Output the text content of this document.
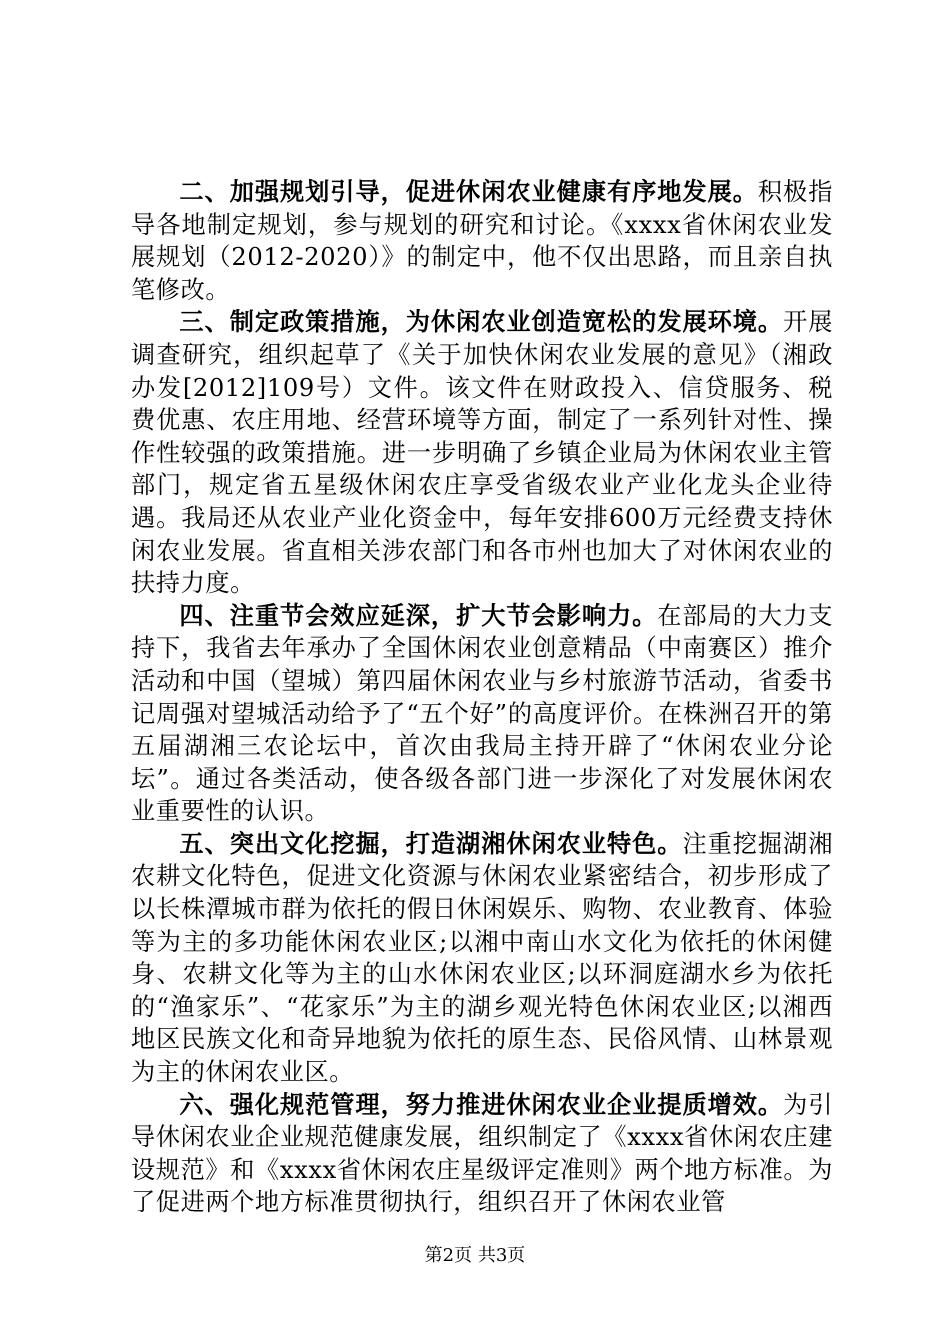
二、加强规划引导，促进休闲农业健康有序地发展。积极指导各地制定规划，参与规划的研究和讨论。《xxxx省休闲农业发展规划（2012-2020）》的制定中，他不仅出思路，而且亲自执笔修改。

三、制定政策措施，为休闲农业创造宽松的发展环境。开展调查研究，组织起草了《关于加快休闲农业发展的意见》（湘政办发[2012]109号）文件。该文件在财政投入、信贷服务、税费优惠、农庄用地、经营环境等方面，制定了一系列针对性、操作性较强的政策措施。进一步明确了乡镇企业局为休闲农业主管部门，规定省五星级休闲农庄享受省级农业产业化龙头企业待遇。我局还从农业产业化资金中，每年安排600万元经费支持休闲农业发展。省直相关涉农部门和各市州也加大了对休闲农业的扶持力度。

四、注重节会效应延深，扩大节会影响力。在部局的大力支持下，我省去年承办了全国休闲农业创意精品（中南赛区）推介活动和中国（望城）第四届休闲农业与乡村旅游节活动，省委书记周强对望城活动给予了“五个好”的高度评价。在株洲召开的第五届湖湘三农论坛中，首次由我局主持开辟了“休闲农业分论坛”。通过各类活动，使各级各部门进一步深化了对发展休闲农业重要性的认识。

五、突出文化挖掘，打造湖湘休闲农业特色。注重挖掘湖湘农耕文化特色，促进文化资源与休闲农业紧密结合，初步形成了以长株潭城市群为依托的假日休闲娱乐、购物、农业教育、体验等为主的多功能休闲农业区;以湘中南山水文化为依托的休闲健身、农耕文化等为主的山水休闲农业区;以环洞庭湖水乡为依托的“渔家乐”、“花家乐”为主的湖乡观光特色休闲农业区;以湘西地区民族文化和奇异地貌为依托的原生态、民俗风情、山林景观为主的休闲农业区。

六、强化规范管理，努力推进休闲农业企业提质增效。为引导休闲农业企业规范健康发展，组织制定了《xxxx省休闲农庄建设规范》和《xxxx省休闲农庄星级评定准则》两个地方标准。为了促进两个地方标准贯彻执行，组织召开了休闲农业管

第2页 共3页
